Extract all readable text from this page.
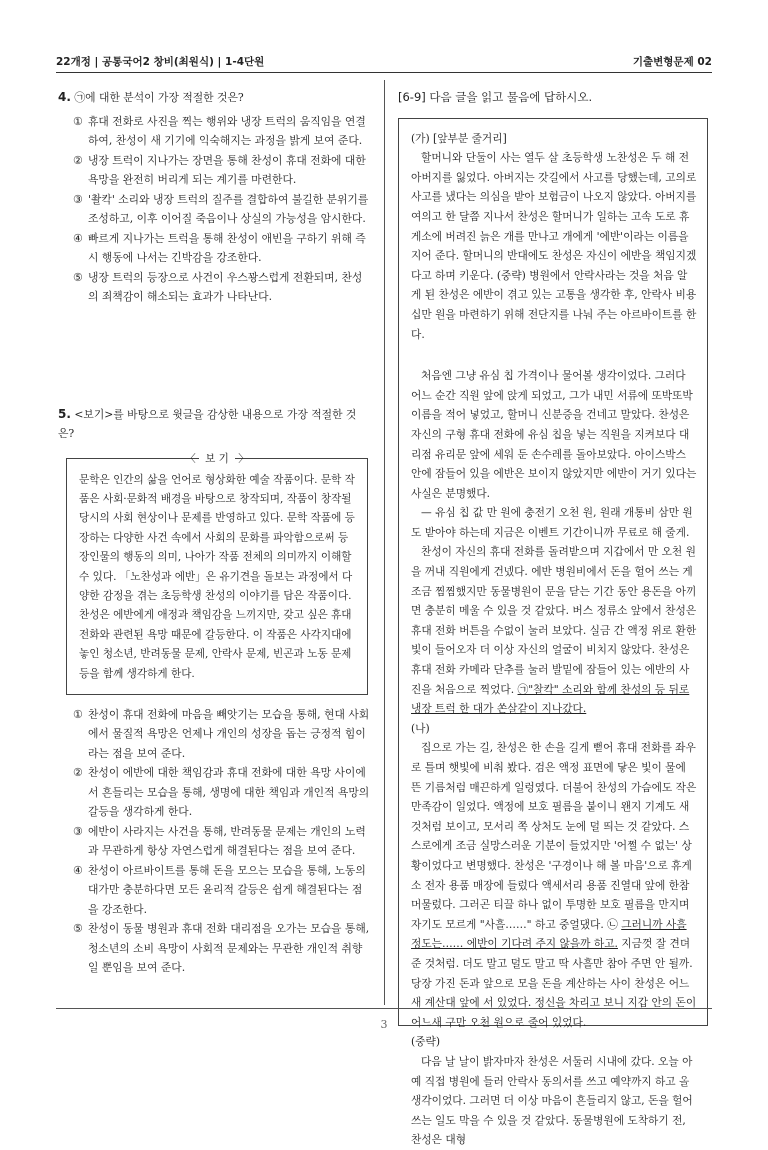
22개정 | 공통국어2 창비(최원식) | 1-4단원	기출변형문제 02
4. ㉠에 대한 분석이 가장 적절한 것은?
① 휴대 전화로 사진을 찍는 행위와 냉장 트럭의 움직임을 연결하여, 찬성이 새 기기에 익숙해지는 과정을 밝게 보여 준다.
② 냉장 트럭이 지나가는 장면을 통해 찬성이 휴대 전화에 대한 욕망을 완전히 버리게 되는 계기를 마련한다.
③ '촬칵' 소리와 냉장 트럭의 질주를 결합하여 불길한 분위기를 조성하고, 이후 이어질 죽음이나 상실의 가능성을 암시한다.
④ 빠르게 지나가는 트럭을 통해 찬성이 애빈을 구하기 위해 즉시 행동에 나서는 긴박감을 강조한다.
⑤ 냉장 트럭의 등장으로 사건이 우스꽝스럽게 전환되며, 찬성의 죄책감이 해소되는 효과가 나타난다.
5. <보기>를 바탕으로 윗글을 감상한 내용으로 가장 적절한 것은?
〈 보 기 〉

문학은 인간의 삶을 언어로 형상화한 예술 작품이다. 문학 작품은 사회·문화적 배경을 바탕으로 창작되며, 작품이 창작될 당시의 사회 현상이나 문제를 반영하고 있다. 문학 작품에 등장하는 다양한 사건 속에서 사회의 문화를 파악함으로써 등장인물의 행동의 의미, 나아가 작품 전체의 의미까지 이해할 수 있다. 「노찬성과 에반」은 유기견을 돌보는 과정에서 다양한 감정을 겪는 초등학생 찬성의 이야기를 담은 작품이다. 찬성은 에반에게 애정과 책임감을 느끼지만, 갖고 싶은 휴대 전화와 관련된 욕망 때문에 갈등한다. 이 작품은 사각지대에 놓인 청소년, 반려동물 문제, 안락사 문제, 빈곤과 노동 문제 등을 함께 생각하게 한다.

① 찬성이 휴대 전화에 마음을 빼앗기는 모습을 통해, 현대 사회에서 물질적 욕망은 언제나 개인의 성장을 돕는 긍정적 힘이라는 점을 보여 준다.
② 찬성이 에반에 대한 책임감과 휴대 전화에 대한 욕망 사이에서 흔들리는 모습을 통해, 생명에 대한 책임과 개인적 욕망의 갈등을 생각하게 한다.
③ 에반이 사라지는 사건을 통해, 반려동물 문제는 개인의 노력과 무관하게 항상 자연스럽게 해결된다는 점을 보여 준다.
④ 찬성이 아르바이트를 통해 돈을 모으는 모습을 통해, 노동의 대가만 충분하다면 모든 윤리적 갈등은 쉽게 해결된다는 점을 강조한다.
⑤ 찬성이 동물 병원과 휴대 전화 대리점을 오가는 모습을 통해, 청소년의 소비 욕망이 사회적 문제와는 무관한 개인적 취향일 뿐임을 보여 준다.
[6-9] 다음 글을 읽고 물음에 답하시오.

(가) [앞부분 줄거리]

할머니와 단둘이 사는 열두 살 초등학생 노찬성은 두 해 전 아버지를 잃었다. 아버지는 갓길에서 사고를 당했는데, 고의로 사고를 냈다는 의심을 받아 보험금이 나오지 않았다. 아버지를 여의고 한 달쯤 지나서 찬성은 할머니가 일하는 고속 도로 휴게소에 버려진 늙은 개를 만나고 개에게 '에반'이라는 이름을 지어 준다. 할머니의 반대에도 찬성은 자신이 에반을 책임지겠다고 하며 키운다. (중략) 병원에서 안락사라는 것을 처음 알게 된 찬성은 에반이 겪고 있는 고통을 생각한 후, 안락사 비용 십만 원을 마련하기 위해 전단지를 나눠 주는 아르바이트를 한다.

처음엔 그냥 유심 칩 가격이나 물어볼 생각이었다. 그러다 어느 순간 직원 앞에 앉게 되었고, 그가 내민 서류에 또박또박 이름을 적어 넣었고, 할머니 신분증을 건네고 말았다. 찬성은 자신의 구형 휴대 전화에 유심 칩을 넣는 직원을 지켜보다 대리점 유리문 앞에 세워 둔 손수레를 돌아보았다. 아이스박스 안에 잠들어 있을 에반은 보이지 않았지만 에반이 거기 있다는 사실은 분명했다.

— 유심 칩 값 만 원에 충전기 오천 원, 원래 개통비 삼만 원도 받아야 하는데 지금은 이벤트 기간이니까 무료로 해 줄게.

찬성이 자신의 휴대 전화를 돌려받으며 지갑에서 만 오천 원을 꺼내 직원에게 건넸다. 에반 병원비에서 돈을 헐어 쓰는 게 조금 찜찜했지만 동물병원이 문을 닫는 기간 동안 용돈을 아끼면 충분히 메울 수 있을 것 같았다. 버스 정류소 앞에서 찬성은 휴대 전화 버튼을 수없이 눌러 보았다. 실금 간 액정 위로 환한 빛이 들어오자 더 이상 자신의 얼굴이 비치지 않았다. 찬성은 휴대 전화 카메라 단추를 눌러 발밑에 잠들어 있는 에반의 사진을 처음으로 찍었다. ㉠"찰칵" 소리와 함께 찬성의 등 뒤로 냉장 트럭 한 대가 쏜살같이 지나갔다.

(나)

집으로 가는 길, 찬성은 한 손을 길게 뻗어 휴대 전화를 좌우로 틀며 햇빛에 비춰 봤다. 검은 액정 표면에 닿은 빛이 물에 뜬 기름처럼 매끈하게 일렁였다. 더불어 찬성의 가슴에도 작은 만족감이 일었다. 액정에 보호 필름을 붙이니 왠지 기계도 새것처럼 보이고, 모서리 쪽 상처도 눈에 덜 띄는 것 같았다. 스스로에게 조금 실망스러운 기분이 들었지만 '어쩔 수 없는' 상황이었다고 변명했다. 찬성은 '구경이나 해 볼 마음'으로 휴게소 전자 용품 매장에 들렀다 액세서리 용품 진열대 앞에 한참 머물렀다. 그러곤 티끌 하나 없이 투명한 보호 필름을 만지며 자기도 모르게 "사흘……" 하고 중얼댔다. ㉡ 그러니까 사흘 정도는…… 에반이 기다려 주지 않을까 하고. 지금껏 잘 견뎌 준 것처럼. 더도 말고 덜도 말고 딱 사흘만 참아 주면 안 될까. 당장 가진 돈과 앞으로 모을 돈을 계산하는 사이 찬성은 어느새 계산대 앞에 서 있었다. 정신을 차리고 보니 지갑 안의 돈이 어느새 구만 오천 원으로 줄어 있었다.

(중략)

다음 날 날이 밝자마자 찬성은 서둘러 시내에 갔다. 오늘 아예 직접 병원에 들러 안락사 동의서를 쓰고 예약까지 하고 올 생각이었다. 그러면 더 이상 마음이 흔들리지 않고, 돈을 헐어 쓰는 일도 막을 수 있을 것 같았다. 동물병원에 도착하기 전, 찬성은 대형

3
